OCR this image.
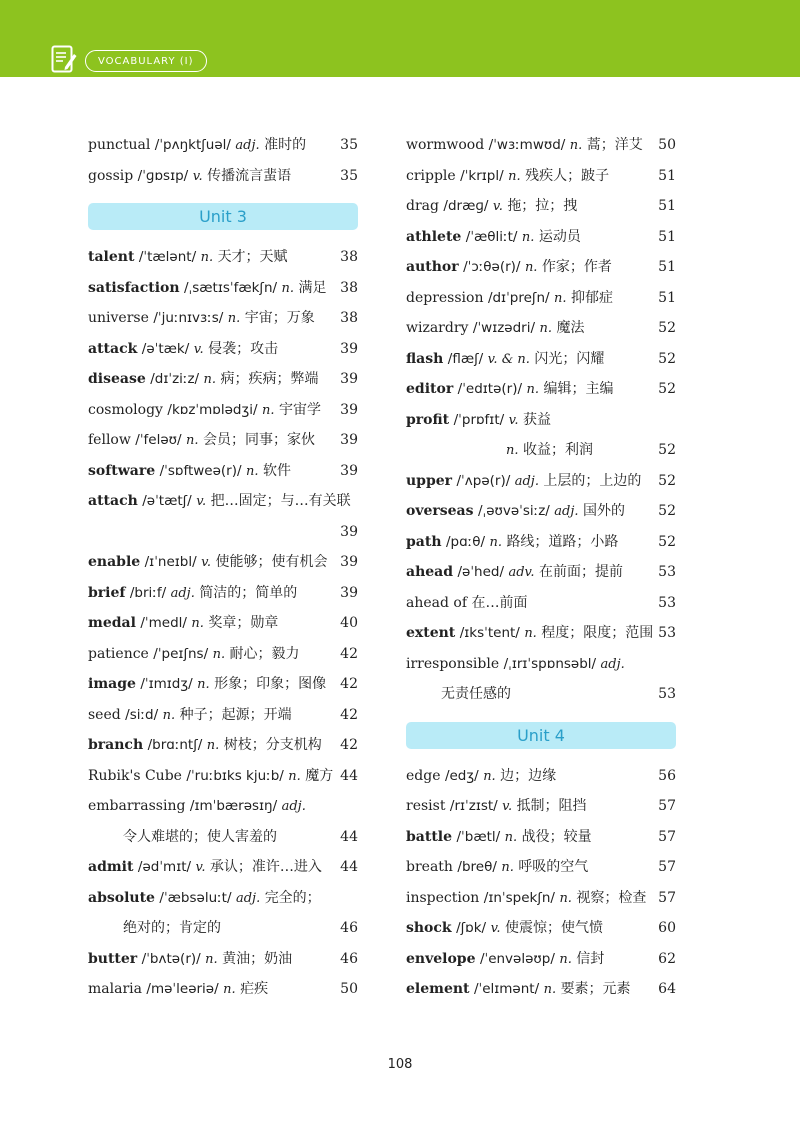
VOCABULARY (I)
punctual /ˈpʌŋktʃuəl/ adj. 准时的 35
gossip /ˈɡɒsɪp/ v. 传播流言蜚语	35
Unit 3
talent /ˈtælənt/ n. 天才；天赋	38
satisfaction /ˌsætɪsˈfækʃn/ n. 满足 38
universe /ˈjuːnɪvɜːs/ n. 宇宙；万象 38
attack /əˈtæk/ v. 侵袭；攻击	39
disease /dɪˈziːz/ n. 病；疾病；弊端 39
cosmology /kɒzˈmɒlədʒi/ n. 宇宙学 39
fellow /ˈfeləʊ/ n. 会员；同事；家伙 39
software /ˈsɒftweə(r)/ n. 软件	39
attach /əˈtætʃ/ v. 把…固定；与…有关联
39
enable /ɪˈneɪbl/ v. 使能够；使有机会 39
brief /briːf/ adj. 简洁的；简单的	39
medal /ˈmedl/ n. 奖章；勋章	40
patience /ˈpeɪʃns/ n. 耐心；毅力	42
image /ˈɪmɪdʒ/ n. 形象；印象；图像 42
seed /siːd/ n. 种子；起源；开端	42
branch /brɑːntʃ/ n. 树枝；分支机构 42
Rubik's Cube /ˈruːbɪks kjuːb/ n. 魔方 44
embarrassing /ɪmˈbærəsɪŋ/ adj.
令人难堪的；使人害羞的	44
admit /ədˈmɪt/ v. 承认；准许…进入 44
absolute /ˈæbsəluːt/ adj. 完全的；
绝对的；肯定的	46
butter /ˈbʌtə(r)/ n. 黄油；奶油	46
malaria /məˈleəriə/ n. 疟疾	50
wormwood /ˈwɜːmwʊd/ n. 蒿；洋艾 50
cripple /ˈkrɪpl/ n. 残疾人；跛子	51
drag /dræɡ/ v. 拖；拉；拽	51
athlete /ˈæθliːt/ n. 运动员	51
author /ˈɔːθə(r)/ n. 作家；作者	51
depression /dɪˈpreʃn/ n. 抑郁症	51
wizardry /ˈwɪzədri/ n. 魔法	52
flash /flæʃ/ v. & n. 闪光；闪耀	52
editor /ˈedɪtə(r)/ n. 编辑；主编	52
profit /ˈprɒfɪt/ v. 获益
n. 收益；利润	52
upper /ˈʌpə(r)/ adj. 上层的；上边的 52
overseas /ˌəʊvəˈsiːz/ adj. 国外的 52
path /pɑːθ/ n. 路线；道路；小路	52
ahead /əˈhed/ adv. 在前面；提前	53
ahead of 在…前面	53
extent /ɪksˈtent/ n. 程度；限度；范围 53
irresponsible /ˌɪrɪˈspɒnsəbl/ adj.
无责任感的	53
Unit 4
edge /edʒ/ n. 边；边缘	56
resist /rɪˈzɪst/ v. 抵制；阻挡	57
battle /ˈbætl/ n. 战役；较量	57
breath /breθ/ n. 呼吸的空气	57
inspection /ɪnˈspekʃn/ n. 视察；检查 57
shock /ʃɒk/ v. 使震惊；使气愤	60
envelope /ˈenvələʊp/ n. 信封	62
element /ˈelɪmənt/ n. 要素；元素 64
108
